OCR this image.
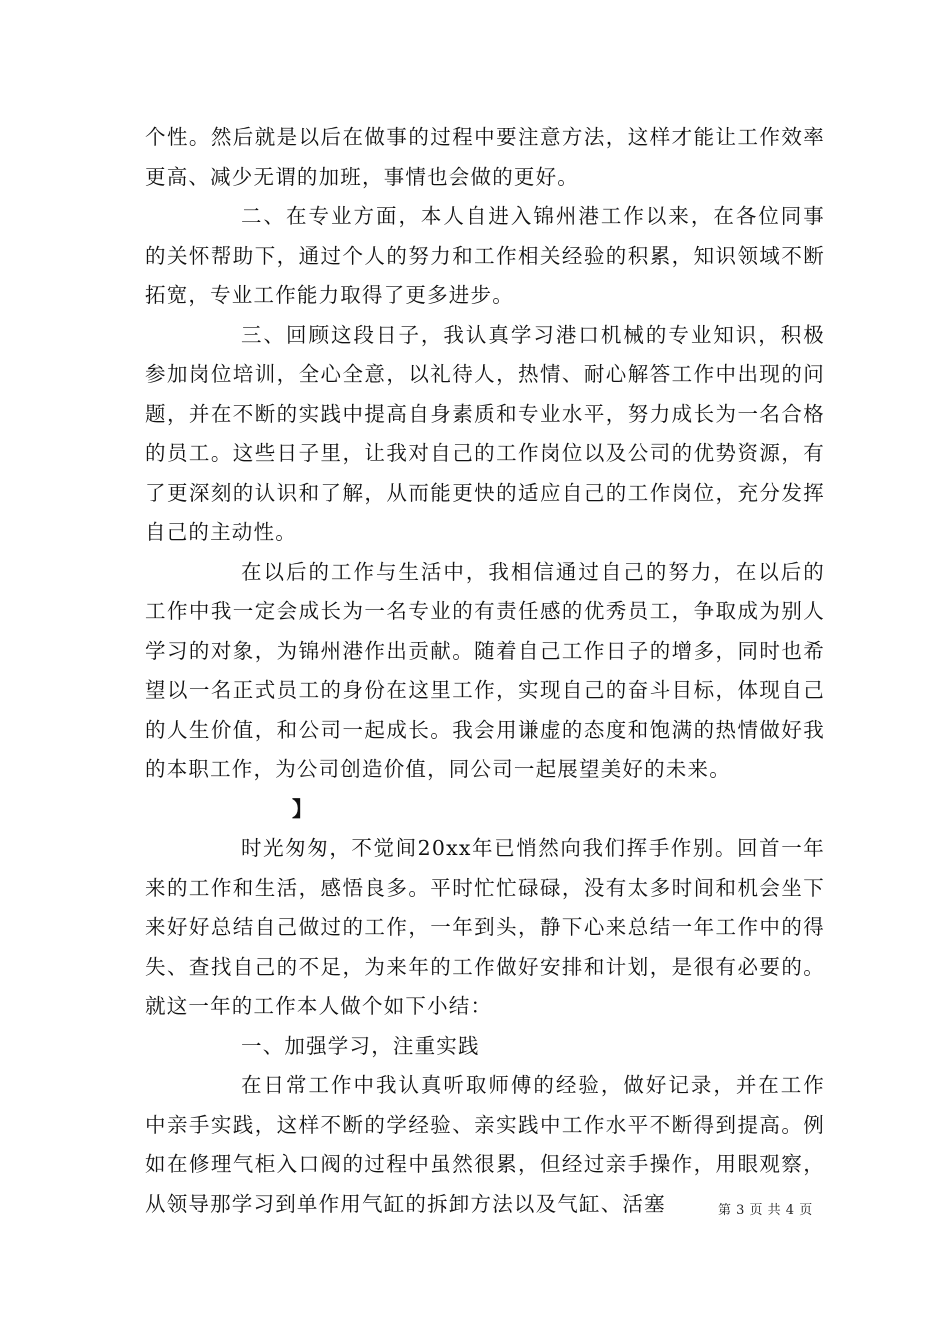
个性。然后就是以后在做事的过程中要注意方法，这样才能让工作效率更高、减少无谓的加班，事情也会做的更好。

二、在专业方面，本人自进入锦州港工作以来，在各位同事的关怀帮助下，通过个人的努力和工作相关经验的积累，知识领域不断拓宽，专业工作能力取得了更多进步。

三、回顾这段日子，我认真学习港口机械的专业知识，积极参加岗位培训，全心全意，以礼待人，热情、耐心解答工作中出现的问题，并在不断的实践中提高自身素质和专业水平，努力成长为一名合格的员工。这些日子里，让我对自己的工作岗位以及公司的优势资源，有了更深刻的认识和了解，从而能更快的适应自己的工作岗位，充分发挥自己的主动性。

在以后的工作与生活中，我相信通过自己的努力，在以后的工作中我一定会成长为一名专业的有责任感的优秀员工，争取成为别人学习的对象，为锦州港作出贡献。随着自己工作日子的增多，同时也希望以一名正式员工的身份在这里工作，实现自己的奋斗目标，体现自己的人生价值，和公司一起成长。我会用谦虚的态度和饱满的热情做好我的本职工作，为公司创造价值，同公司一起展望美好的未来。

】

时光匆匆，不觉间20xx年已悄然向我们挥手作别。回首一年来的工作和生活，感悟良多。平时忙忙碌碌，没有太多时间和机会坐下来好好总结自己做过的工作，一年到头，静下心来总结一年工作中的得失、查找自己的不足，为来年的工作做好安排和计划，是很有必要的。就这一年的工作本人做个如下小结：

一、加强学习，注重实践

在日常工作中我认真听取师傅的经验，做好记录，并在工作中亲手实践，这样不断的学经验、亲实践中工作水平不断得到提高。例如在修理气柜入口阀的过程中虽然很累，但经过亲手操作，用眼观察，从领导那学习到单作用气缸的拆卸方法以及气缸、活塞	第 3 页 共 4 页
